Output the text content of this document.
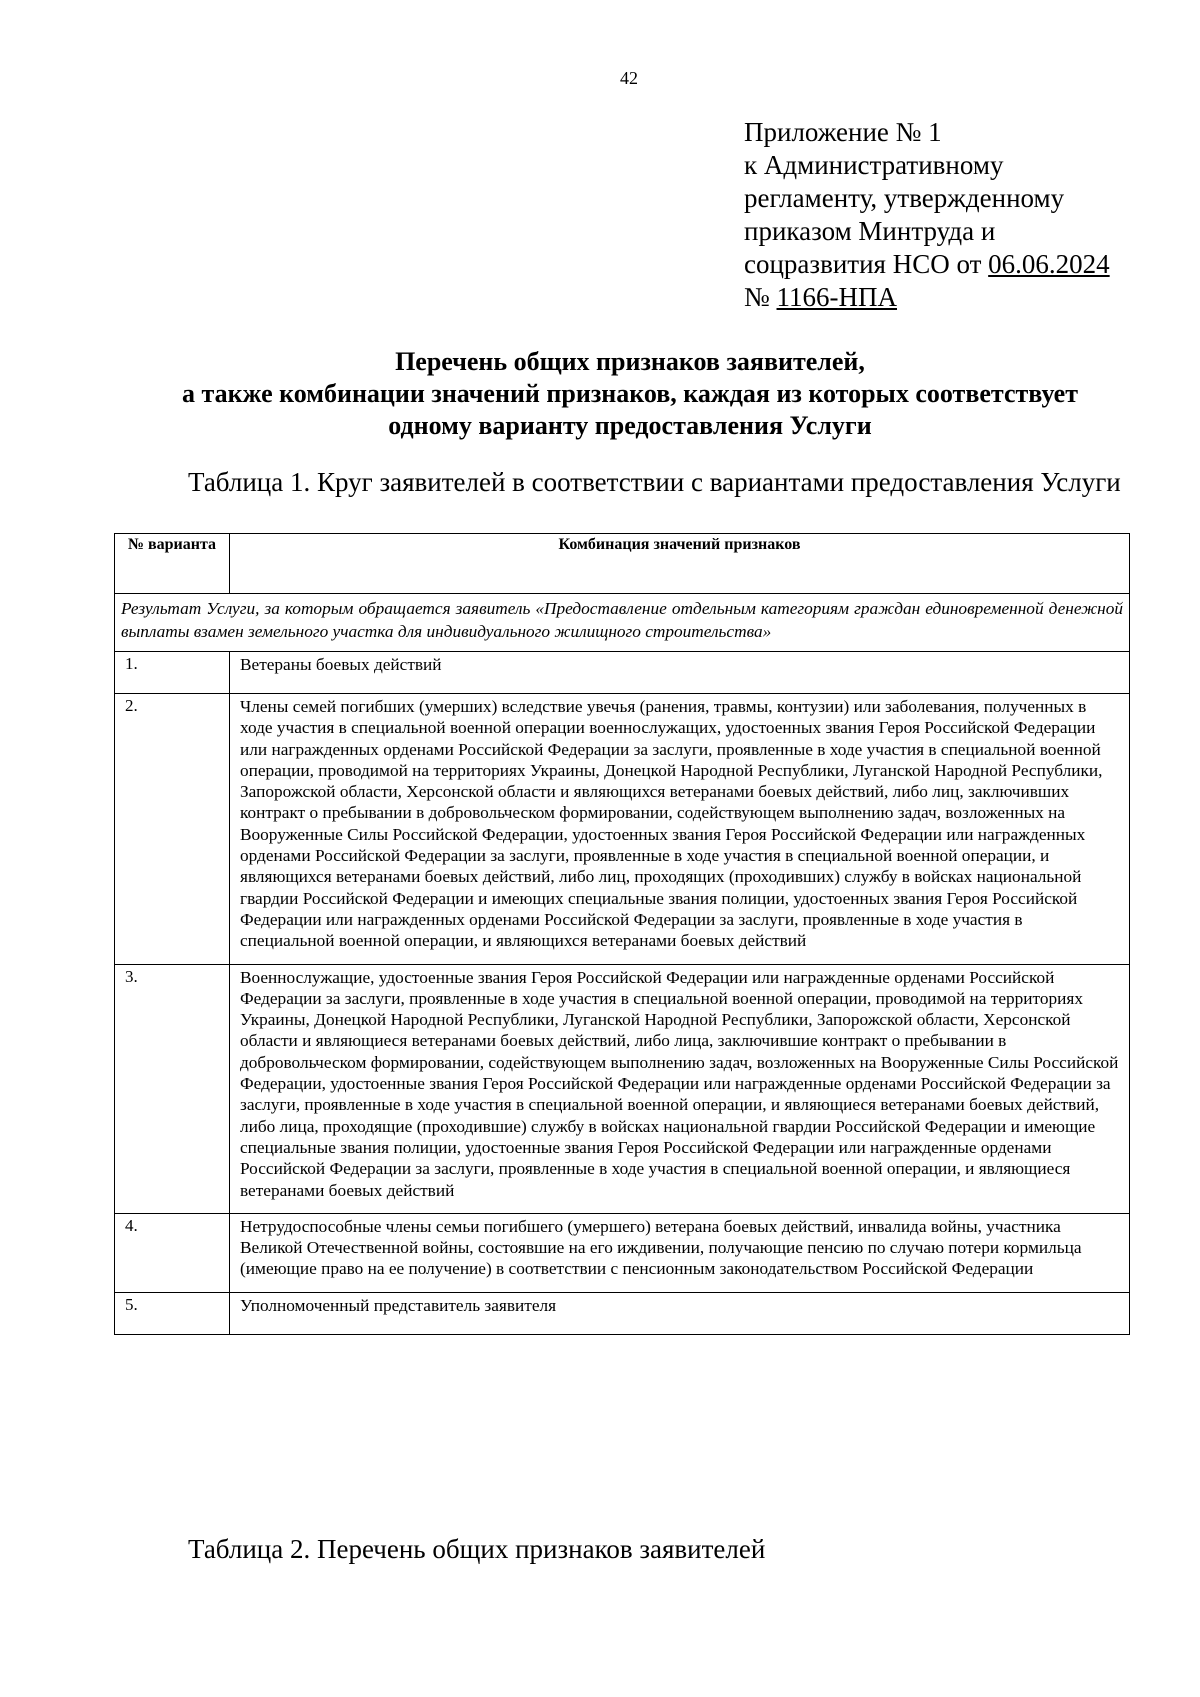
42
Приложение № 1
к Административному
регламенту, утвержденному
приказом Минтруда и
соцразвития НСО от 06.06.2024
№ 1166-НПА
Перечень общих признаков заявителей,
а также комбинации значений признаков, каждая из которых соответствует
одному варианту предоставления Услуги
Таблица 1. Круг заявителей в соответствии с вариантами предоставления Услуги
№ варианта	Комбинация значений признаков
Результат Услуги, за которым обращается заявитель «Предоставление отдельным категориям граждан единовременной денежной выплаты взамен земельного участка для индивидуального жилищного строительства»	
1.	Ветераны боевых действий
2.	Члены семей погибших (умерших) вследствие увечья (ранения, травмы, контузии) или заболевания, полученных в ходе участия в специальной военной операции военнослужащих, удостоенных звания Героя Российской Федерации или награжденных орденами Российской Федерации за заслуги, проявленные в ходе участия в специальной военной операции, проводимой на территориях Украины, Донецкой Народной Республики, Луганской Народной Республики, Запорожской области, Херсонской области и являющихся ветеранами боевых действий, либо лиц, заключивших контракт о пребывании в добровольческом формировании, содействующем выполнению задач, возложенных на Вооруженные Силы Российской Федерации, удостоенных звания Героя Российской Федерации или награжденных орденами Российской Федерации за заслуги, проявленные в ходе участия в специальной военной операции, и являющихся ветеранами боевых действий, либо лиц, проходящих (проходивших) службу в войсках национальной гвардии Российской Федерации и имеющих специальные звания полиции, удостоенных звания Героя Российской Федерации или награжденных орденами Российской Федерации за заслуги, проявленные в ходе участия в специальной военной операции, и являющихся ветеранами боевых действий
3.	Военнослужащие, удостоенные звания Героя Российской Федерации или награжденные орденами Российской Федерации за заслуги, проявленные в ходе участия в специальной военной операции, проводимой на территориях Украины, Донецкой Народной Республики, Луганской Народной Республики, Запорожской области, Херсонской области и являющиеся ветеранами боевых действий, либо лица, заключившие контракт о пребывании в добровольческом формировании, содействующем выполнению задач, возложенных на Вооруженные Силы Российской Федерации, удостоенные звания Героя Российской Федерации или награжденные орденами Российской Федерации за заслуги, проявленные в ходе участия в специальной военной операции, и являющиеся ветеранами боевых действий, либо лица, проходящие (проходившие) службу в войсках национальной гвардии Российской Федерации и имеющие специальные звания полиции, удостоенные звания Героя Российской Федерации или награжденные орденами Российской Федерации за заслуги, проявленные в ходе участия в специальной военной операции, и являющиеся ветеранами боевых действий
4.	Нетрудоспособные члены семьи погибшего (умершего) ветерана боевых действий, инвалида войны, участника Великой Отечественной войны, состоявшие на его иждивении, получающие пенсию по случаю потери кормильца (имеющие право на ее получение) в соответствии с пенсионным законодательством Российской Федерации
5.	Уполномоченный представитель заявителя
Таблица 2. Перечень общих признаков заявителей
